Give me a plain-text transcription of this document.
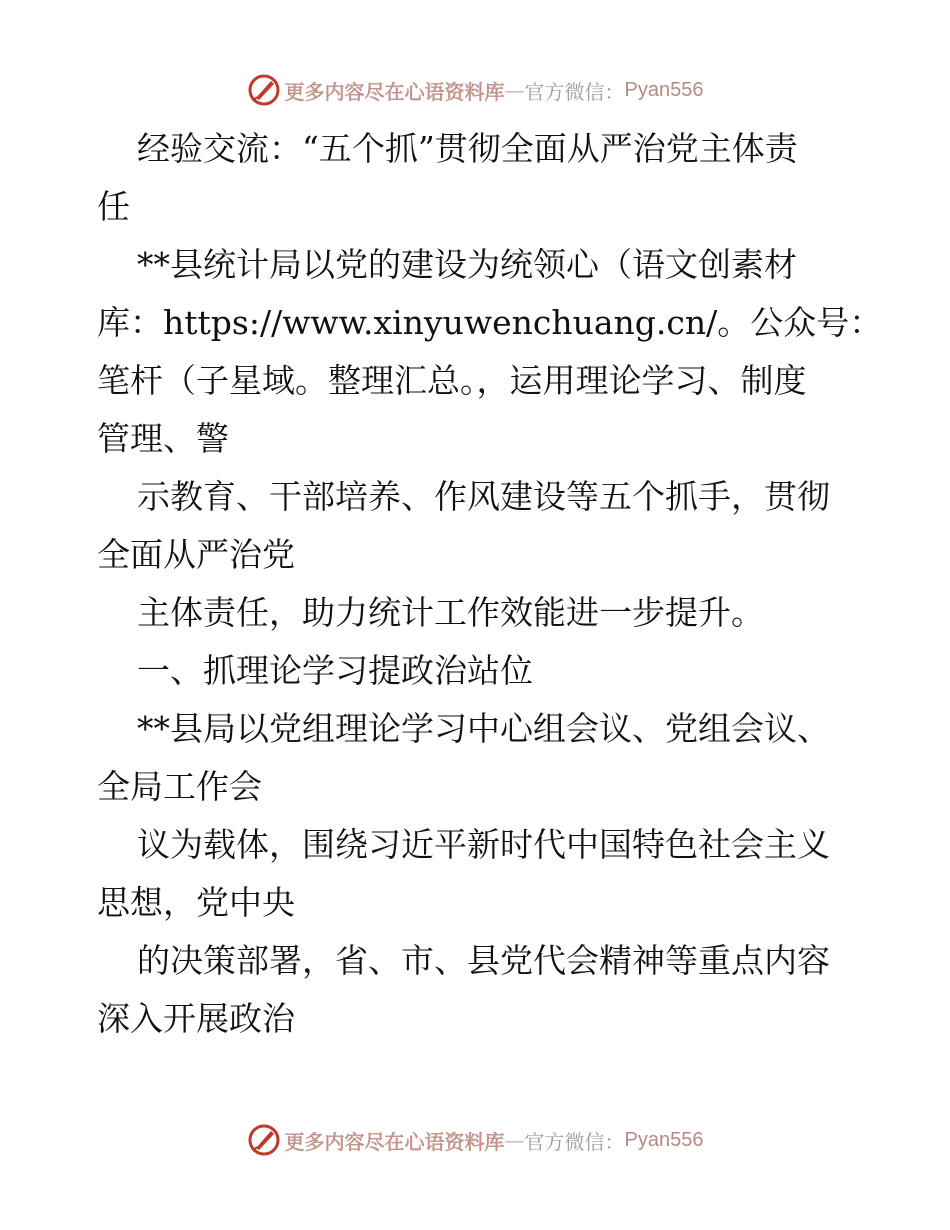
更多内容尽在心语资料库 — 官方微信： Pyan556
经验交流：“五个抓”贯彻全面从严治党主体责
任
**县统计局以党的建设为统领心（语文创素材
库：https://www.xinyuwenchuang.cn/。公众号：
笔杆（子星域。整理汇总。，运用理论学习、制度
管理、警
示教育、干部培养、作风建设等五个抓手，贯彻
全面从严治党
主体责任，助力统计工作效能进一步提升。
一、抓理论学习提政治站位
**县局以党组理论学习中心组会议、党组会议、
全局工作会
议为载体，围绕习近平新时代中国特色社会主义
思想，党中央
的决策部署，省、市、县党代会精神等重点内容
深入开展政治
更多内容尽在心语资料库 — 官方微信： Pyan556
